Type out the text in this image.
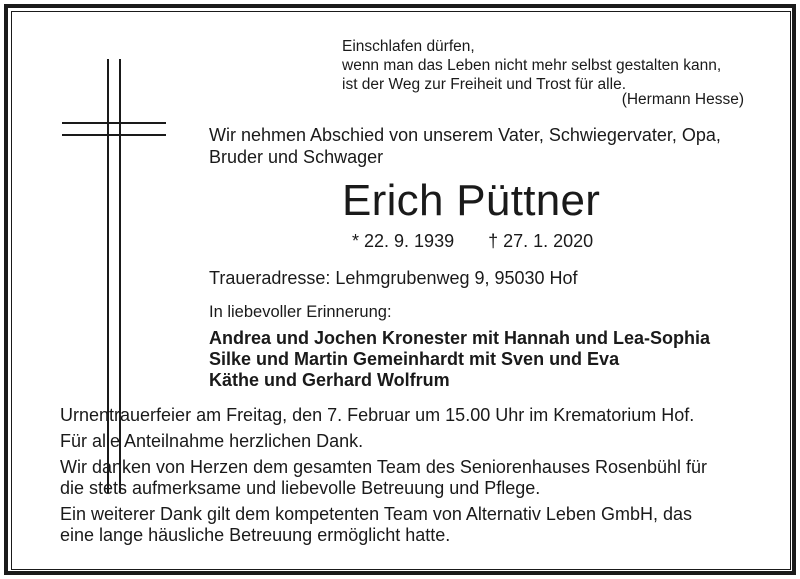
Einschlafen dürfen,
wenn man das Leben nicht mehr selbst gestalten kann,
ist der Weg zur Freiheit und Trost für alle.
(Hermann Hesse)
Wir nehmen Abschied von unserem Vater, Schwiegervater, Opa,
Bruder und Schwager
Erich Püttner
* 22. 9. 1939 † 27. 1. 2020
Traueradresse: Lehmgrubenweg 9, 95030 Hof
In liebevoller Erinnerung:
Andrea und Jochen Kronester mit Hannah und Lea-Sophia
Silke und Martin Gemeinhardt mit Sven und Eva
Käthe und Gerhard Wolfrum
Urnentrauerfeier am Freitag, den 7. Februar um 15.00 Uhr im Krematorium Hof.
Für alle Anteilnahme herzlichen Dank.
Wir danken von Herzen dem gesamten Team des Seniorenhauses Rosenbühl für
die stets aufmerksame und liebevolle Betreuung und Pflege.
Ein weiterer Dank gilt dem kompetenten Team von Alternativ Leben GmbH, das
eine lange häusliche Betreuung ermöglicht hatte.
